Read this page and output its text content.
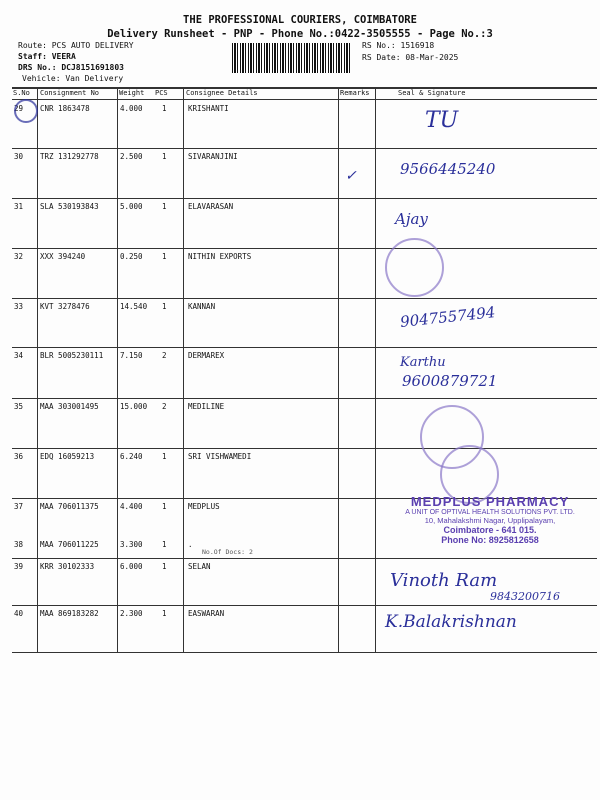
THE PROFESSIONAL COURIERS, COIMBATORE
Delivery Runsheet - PNP - Phone No.:0422-3505555 - Page No.:3
Route: PCS AUTO DELIVERY
Staff: VEERA
DRS No.: DCJ8151691803
Vehicle: Van Delivery
RS No.: 1516918
RS Date: 08-Mar-2025
S.No Consignment No	Weight PCS	Consignee Details	Remarks	Seal & Signature
29 CNR 1863478	4.000	1	KRISHANTI
30 TRZ 131292778	2.500	1	SIVARANJINI
31 SLA 530193843	5.000	1	ELAVARASAN
32 XXX 394240	0.250	1	NITHIN EXPORTS
33 KVT 3278476	14.540 1	KANNAN
34 BLR 5005230111 7.150	2	DERMAREX
35 MAA 303001495	15.000 2	MEDILINE
36 EDQ 16059213	6.240	1	SRI VISHWAMEDI
37 MAA 706011375	4.400	1	MEDPLUS
38 MAA 706011225	3.300	1	.
39 KRR 30102333	6.000	1	SELAN
40 MAA 869183282	2.300	1	EASWARAN
No.Of Docs: 2
TU
9566445240
✓
Ajay
9047557494
Karthu
9600879721
MEDPLUS PHARMACY
A UNIT OF OPTIVAL HEALTH SOLUTIONS PVT. LTD.
10, Mahalakshmi Nagar, Upplipalayam,
Coimbatore - 641 015.
Phone No: 8925812658
9843200716
Vinoth Ram
K.Balakrishnan
